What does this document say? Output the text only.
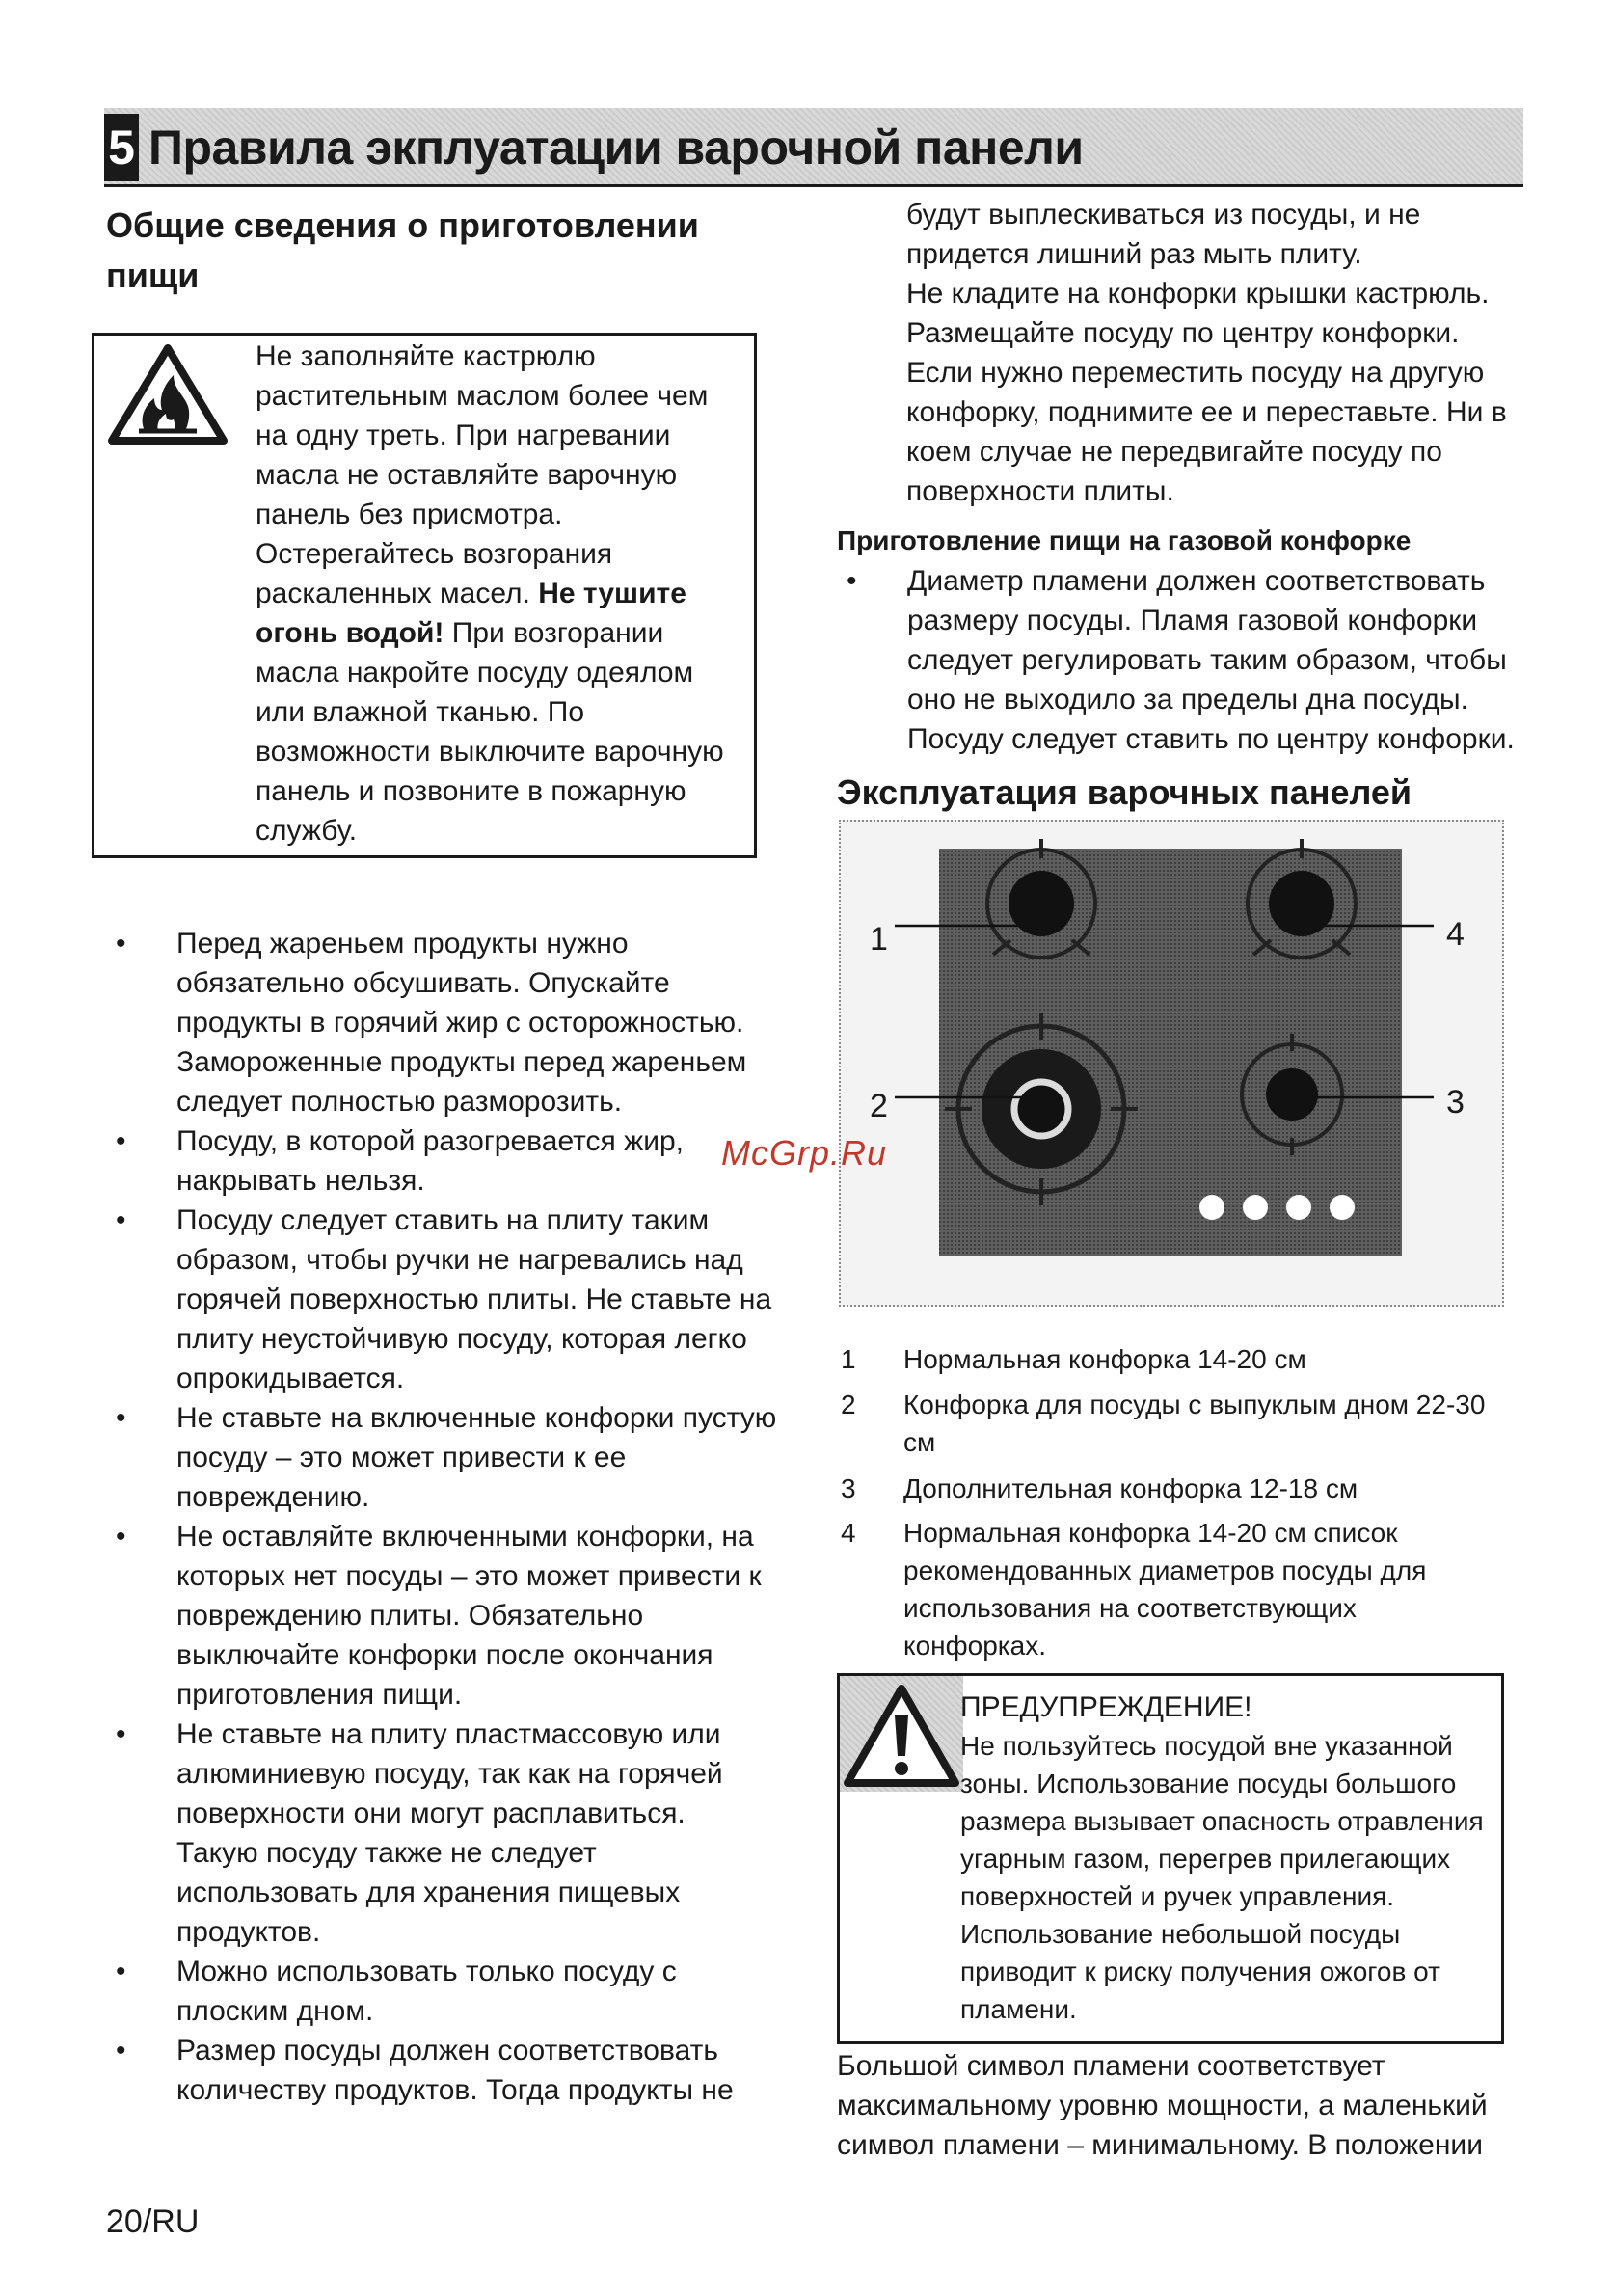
5 Правила экплуатации варочной панели
Общие сведения о приготовлении
пищи
Не заполняйте кастрюлю
растительным маслом более чем
на одну треть. При нагревании
масла не оставляйте варочную
панель без присмотра.
Остерегайтесь возгорания
раскаленных масел. Не тушите
огонь водой! При возгорании
масла накройте посуду одеялом
или влажной тканью. По
возможности выключите варочную
панель и позвоните в пожарную
службу.
• Перед жареньем продукты нужно
обязательно обсушивать. Опускайте
продукты в горячий жир с осторожностью.
Замороженные продукты перед жареньем
следует полностью разморозить.
• Посуду, в которой разогревается жир,
накрывать нельзя.
• Посуду следует ставить на плиту таким
образом, чтобы ручки не нагревались над
горячей поверхностью плиты. Не ставьте на
плиту неустойчивую посуду, которая легко
опрокидывается.
• Не ставьте на включенные конфорки пустую
посуду – это может привести к ее
повреждению.
• Не оставляйте включенными конфорки, на
которых нет посуды – это может привести к
повреждению плиты. Обязательно
выключайте конфорки после окончания
приготовления пищи.
• Не ставьте на плиту пластмассовую или
алюминиевую посуду, так как на горячей
поверхности они могут расплавиться.
Такую посуду также не следует
использовать для хранения пищевых
продуктов.
• Можно использовать только посуду с
плоским дном.
• Размер посуды должен соответствовать
количеству продуктов. Тогда продукты не
будут выплескиваться из посуды, и не
придется лишний раз мыть плиту.
Не кладите на конфорки крышки кастрюль.
Размещайте посуду по центру конфорки.
Если нужно переместить посуду на другую
конфорку, поднимите ее и переставьте. Ни в
коем случае не передвигайте посуду по
поверхности плиты.
Приготовление пищи на газовой конфорке
• Диаметр пламени должен соответствовать
размеру посуды. Пламя газовой конфорки
следует регулировать таким образом, чтобы
оно не выходило за пределы дна посуды.
Посуду следует ставить по центру конфорки.
Эксплуатация варочных панелей
1
2	3
4
1	Нормальная конфорка 14-20 см
2	Конфорка для посуды с выпуклым дном 22-30
см
3	Дополнительная конфорка 12-18 см
4	Нормальная конфорка 14-20 см список
рекомендованных диаметров посуды для
использования на соответствующих
конфорках.
ПРЕДУПРЕЖДЕНИЕ!
Не пользуйтесь посудой вне указанной
зоны. Использование посуды большого
размера вызывает опасность отравления
угарным газом, перегрев прилегающих
поверхностей и ручек управления.
Использование небольшой посуды
приводит к риску получения ожогов от
пламени.
Большой символ пламени соответствует
максимальному уровню мощности, а маленький
символ пламени – минимальному. В положении
McGrp.Ru
20/RU
